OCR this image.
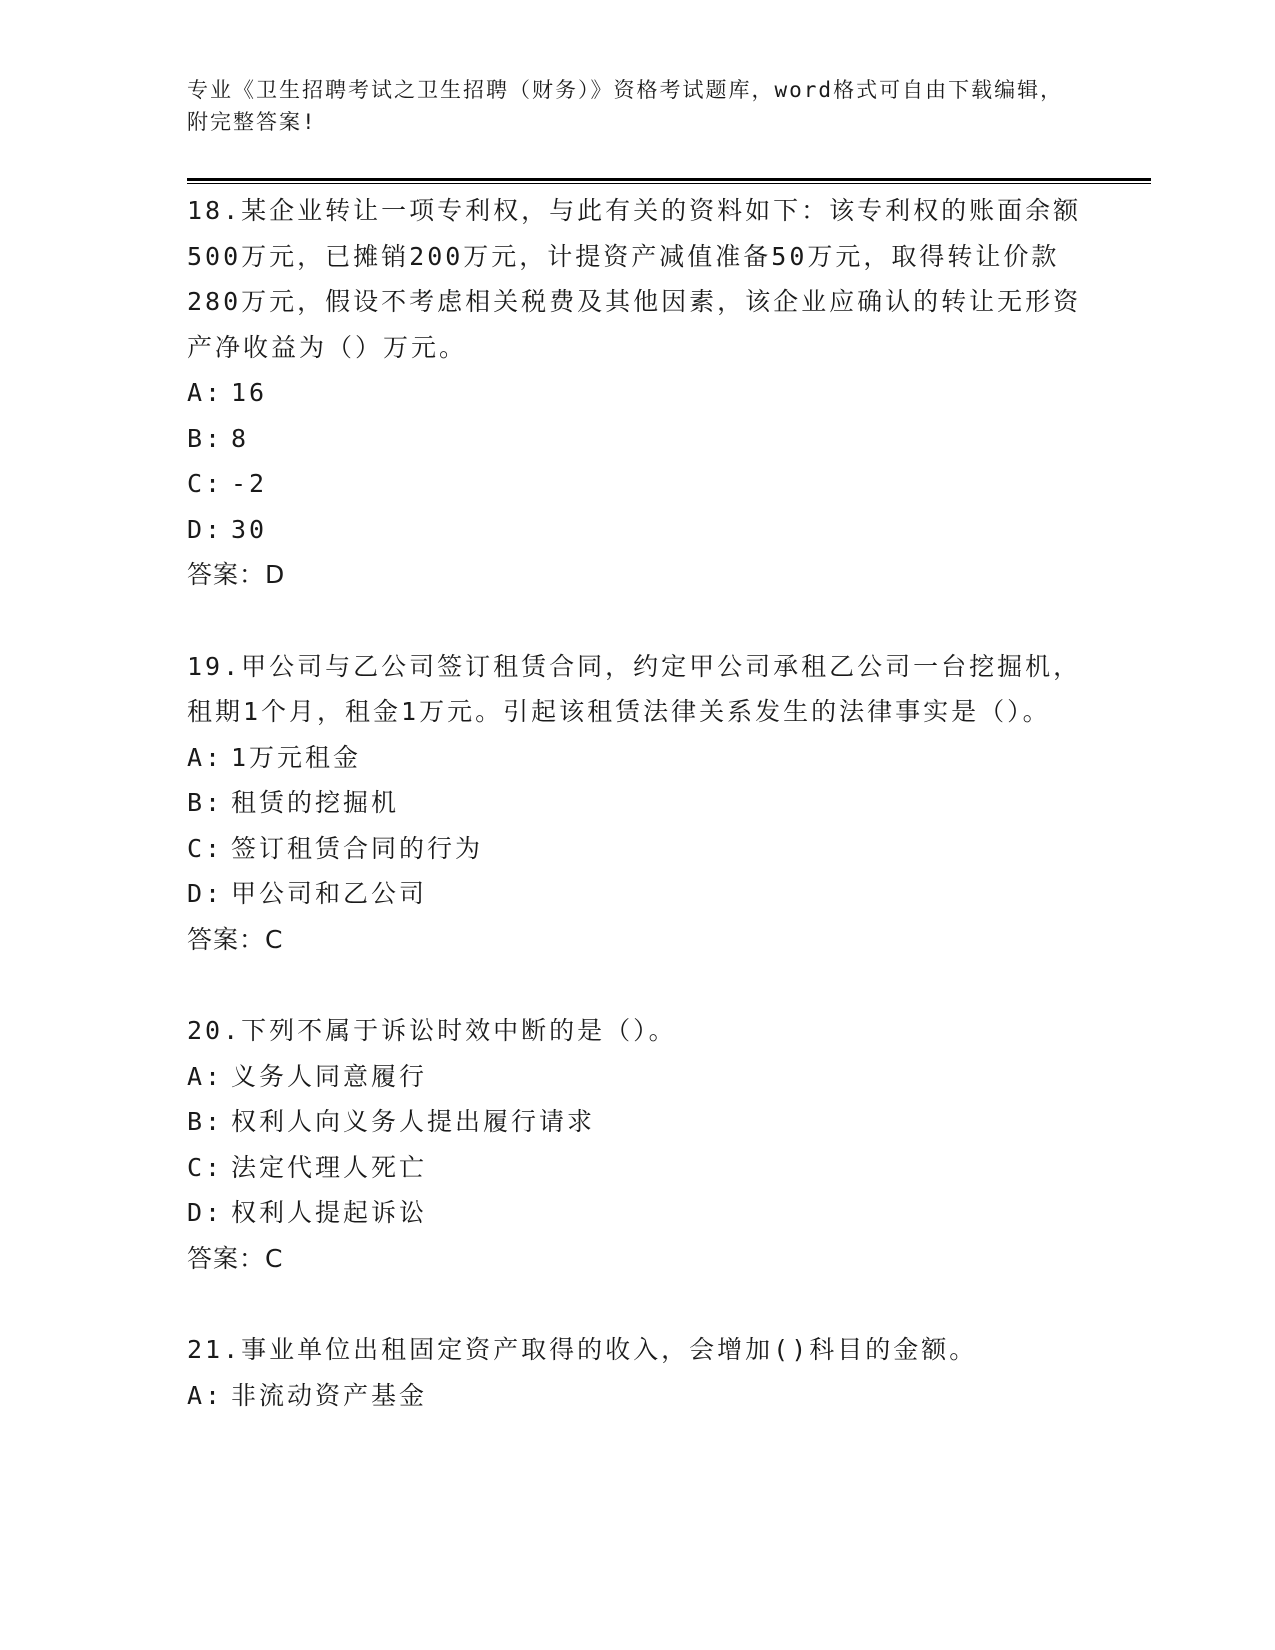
专业《卫生招聘考试之卫生招聘（财务）》资格考试题库，word格式可自由下载编辑，附完整答案!

18.某企业转让一项专利权，与此有关的资料如下：该专利权的账面余额500万元，已摊销200万元，计提资产减值准备50万元，取得转让价款280万元，假设不考虑相关税费及其他因素，该企业应确认的转让无形资产净收益为（）万元。

A: 16
B: 8
C: -2
D: 30
答案：D

19.甲公司与乙公司签订租赁合同，约定甲公司承租乙公司一台挖掘机，租期1个月，租金1万元。引起该租赁法律关系发生的法律事实是（）。

A: 1万元租金
B: 租赁的挖掘机
C: 签订租赁合同的行为
D: 甲公司和乙公司
答案：C

20.下列不属于诉讼时效中断的是（）。

A: 义务人同意履行
B: 权利人向义务人提出履行请求
C: 法定代理人死亡
D: 权利人提起诉讼
答案：C

21.事业单位出租固定资产取得的收入，会增加()科目的金额。

A: 非流动资产基金
